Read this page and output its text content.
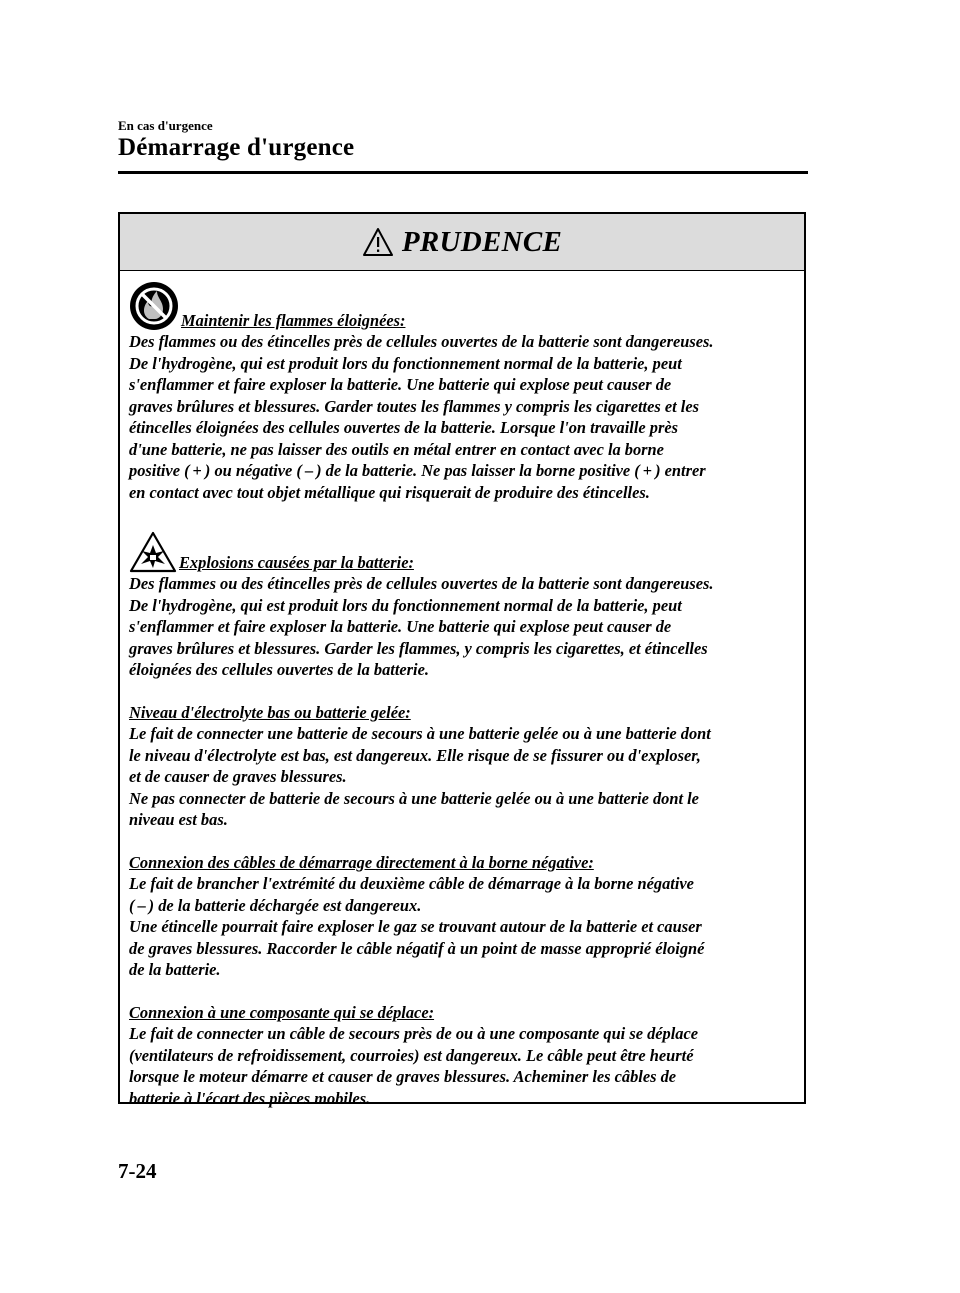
En cas d'urgence
Démarrage d'urgence
PRUDENCE
Maintenir les flammes éloignées:

Des flammes ou des étincelles près de cellules ouvertes de la batterie sont dangereuses.

De l'hydrogène, qui est produit lors du fonctionnement normal de la batterie, peut

s'enflammer et faire exploser la batterie. Une batterie qui explose peut causer de

graves brûlures et blessures. Garder toutes les flammes y compris les cigarettes et les

étincelles éloignées des cellules ouvertes de la batterie. Lorsque l'on travaille près

d'une batterie, ne pas laisser des outils en métal entrer en contact avec la borne

positive ( + ) ou négative ( – ) de la batterie. Ne pas laisser la borne positive ( + ) entrer

en contact avec tout objet métallique qui risquerait de produire des étincelles.

Explosions causées par la batterie:

Des flammes ou des étincelles près de cellules ouvertes de la batterie sont dangereuses.

De l'hydrogène, qui est produit lors du fonctionnement normal de la batterie, peut

s'enflammer et faire exploser la batterie. Une batterie qui explose peut causer de

graves brûlures et blessures. Garder les flammes, y compris les cigarettes, et étincelles

éloignées des cellules ouvertes de la batterie.

Niveau d'électrolyte bas ou batterie gelée:

Le fait de connecter une batterie de secours à une batterie gelée ou à une batterie dont

le niveau d'électrolyte est bas, est dangereux. Elle risque de se fissurer ou d'exploser,

et de causer de graves blessures.

Ne pas connecter de batterie de secours à une batterie gelée ou à une batterie dont le

niveau est bas.

Connexion des câbles de démarrage directement à la borne négative:

Le fait de brancher l'extrémité du deuxième câble de démarrage à la borne négative

( – ) de la batterie déchargée est dangereux.

Une étincelle pourrait faire exploser le gaz se trouvant autour de la batterie et causer

de graves blessures. Raccorder le câble négatif à un point de masse approprié éloigné

de la batterie.

Connexion à une composante qui se déplace:

Le fait de connecter un câble de secours près de ou à une composante qui se déplace

(ventilateurs de refroidissement, courroies) est dangereux. Le câble peut être heurté

lorsque le moteur démarre et causer de graves blessures. Acheminer les câbles de

batterie à l'écart des pièces mobiles.

7-24
